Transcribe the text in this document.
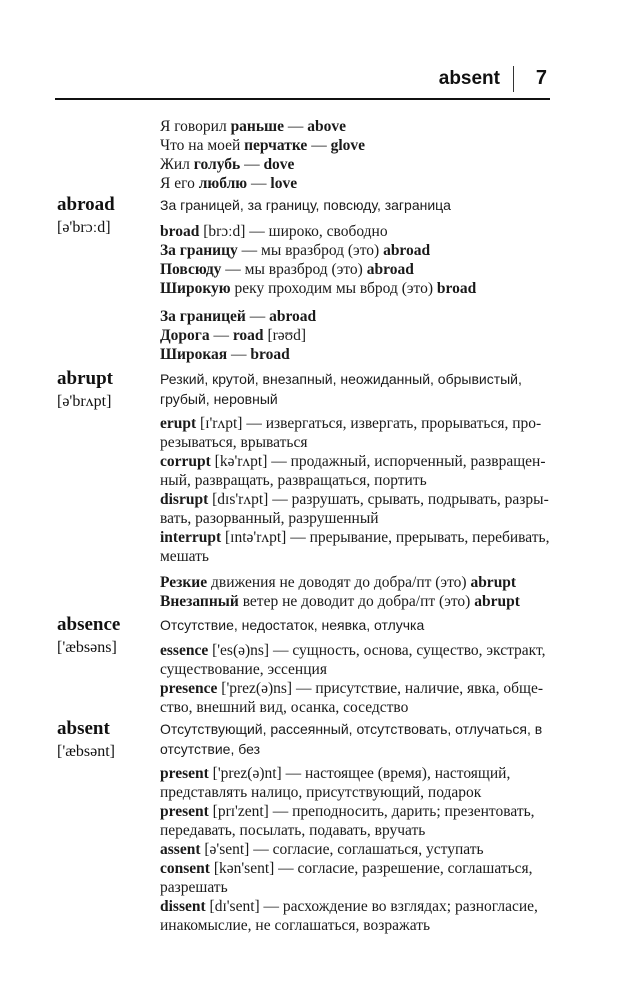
absent 7
Я говорил раньше — above
Что на моей перчатке — glove
Жил голубь — dove
Я его люблю — love
abroad
[ə'brɔːd]
За границей, за границу, повсюду, заграница
broad [brɔːd] — широко, свободно
За границу — мы вразброд (это) abroad
Повсюду — мы вразброд (это) abroad
Широкую реку проходим мы вброд (это) broad
За границей — abroad
Дорога — road [rəʊd]
Широкая — broad
abrupt
[ə'brʌpt]
Резкий, крутой, внезапный, неожиданный, обрывистый,
грубый, неровный
erupt [ɪ'rʌpt] — извергаться, извергать, прорываться, про-
резываться, врываться
corrupt [kə'rʌpt] — продажный, испорченный, развращен-
ный, развращать, развращаться, портить
disrupt [dɪs'rʌpt] — разрушать, срывать, подрывать, разры-
вать, разорванный, разрушенный
interrupt [ɪntə'rʌpt] — прерывание, прерывать, перебивать,
мешать
Резкие движения не доводят до добра/пт (это) abrupt
Внезапный ветер не доводит до добра/пт (это) abrupt
absence
['æbsəns]
Отсутствие, недостаток, неявка, отлучка
essence ['es(ə)ns] — сущность, основа, существо, экстракт,
существование, эссенция
presence ['prez(ə)ns] — присутствие, наличие, явка, обще-
ство, внешний вид, осанка, соседство
absent
['æbsənt]
Отсутствующий, рассеянный, отсутствовать, отлучаться, в
отсутствие, без
present ['prez(ə)nt] — настоящее (время), настоящий,
представлять налицо, присутствующий, подарок
present [prɪ'zent] — преподносить, дарить; презентовать,
передавать, посылать, подавать, вручать
assent [ə'sent] — согласие, соглашаться, уступать
consent [kən'sent] — согласие, разрешение, соглашаться,
разрешать
dissent [dɪ'sent] — расхождение во взглядах; разногласие,
инакомыслие, не соглашаться, возражать
